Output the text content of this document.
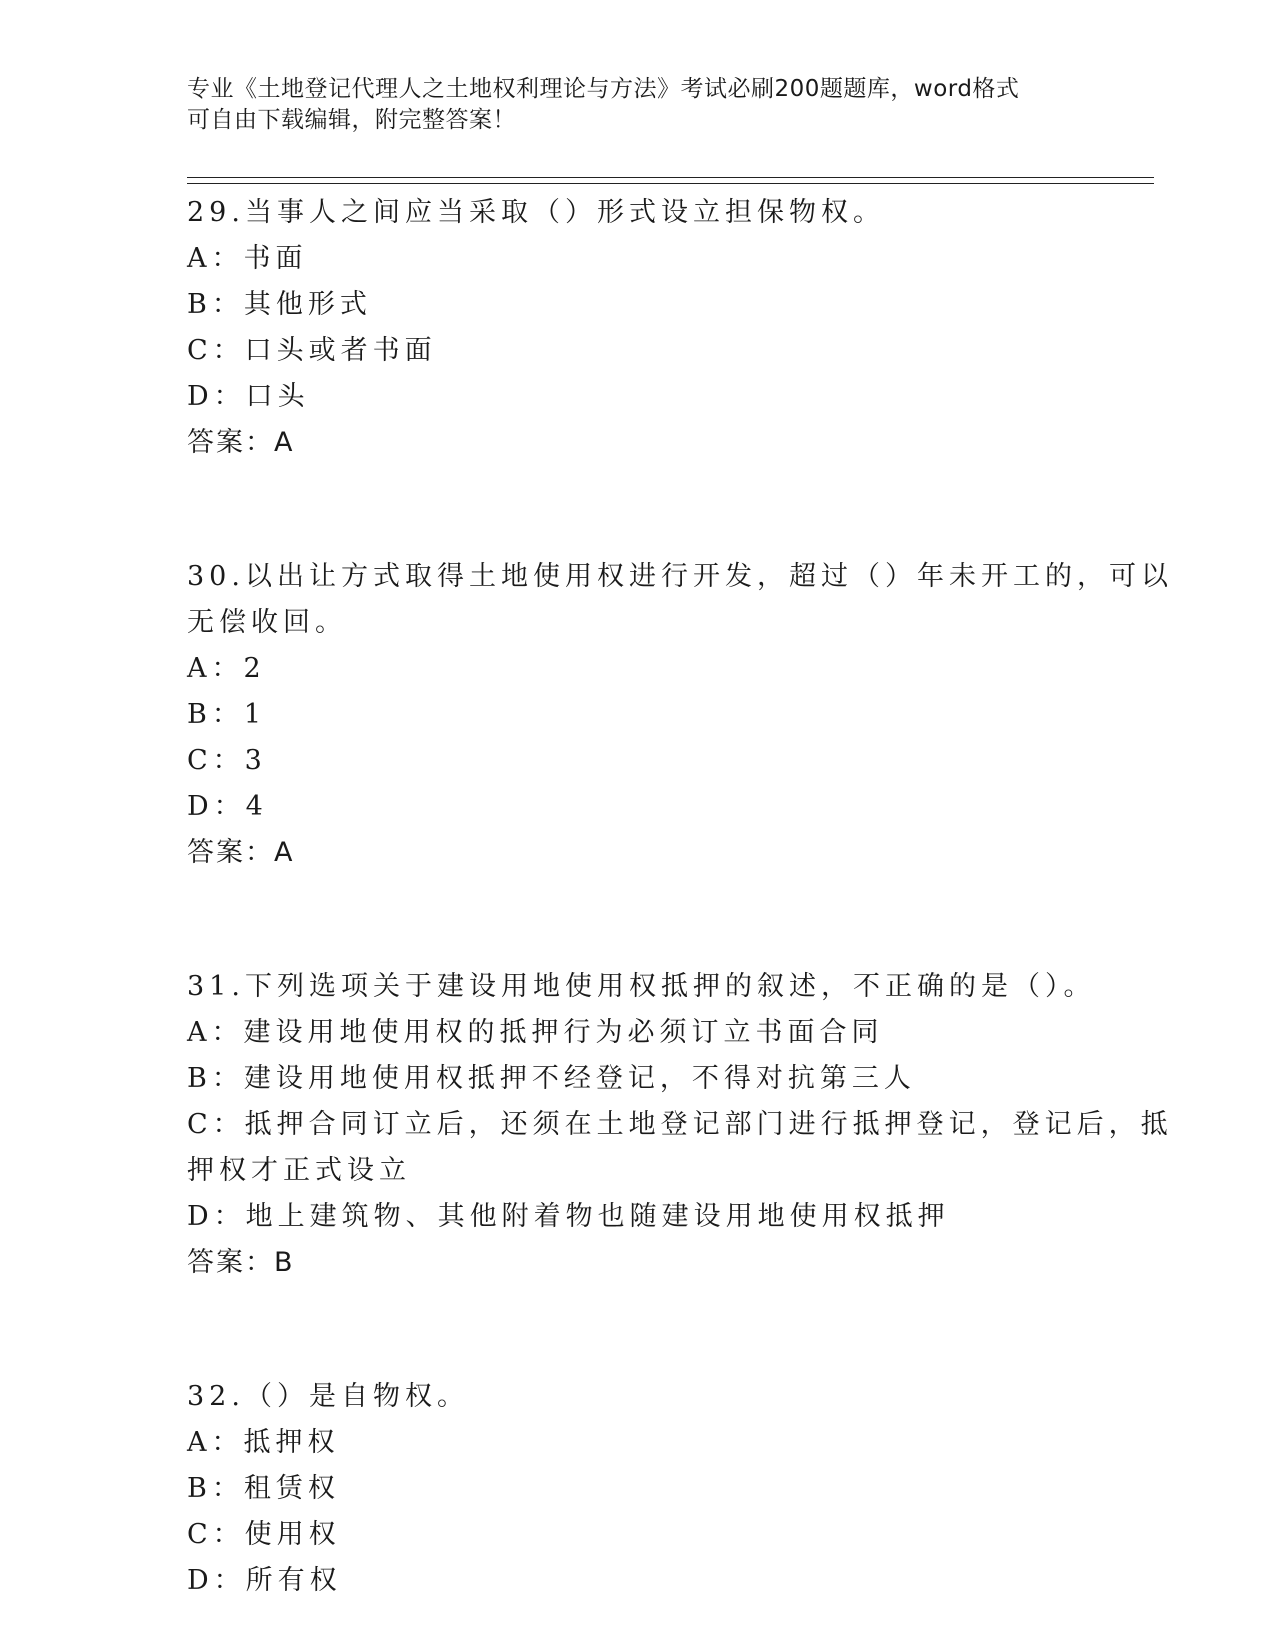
专业《土地登记代理人之土地权利理论与方法》考试必刷200题题库，word格式
可自由下载编辑，附完整答案！
29.当事人之间应当采取（）形式设立担保物权。
A：书面
B：其他形式
C：口头或者书面
D：口头
答案：A
30.以出让方式取得土地使用权进行开发，超过（）年未开工的，可以
无偿收回。
A：2
B：1
C：3
D：4
答案：A
31.下列选项关于建设用地使用权抵押的叙述，不正确的是（）。
A：建设用地使用权的抵押行为必须订立书面合同
B：建设用地使用权抵押不经登记，不得对抗第三人
C：抵押合同订立后，还须在土地登记部门进行抵押登记，登记后，抵
押权才正式设立
D：地上建筑物、其他附着物也随建设用地使用权抵押
答案：B
32.（）是自物权。
A：抵押权
B：租赁权
C：使用权
D：所有权
